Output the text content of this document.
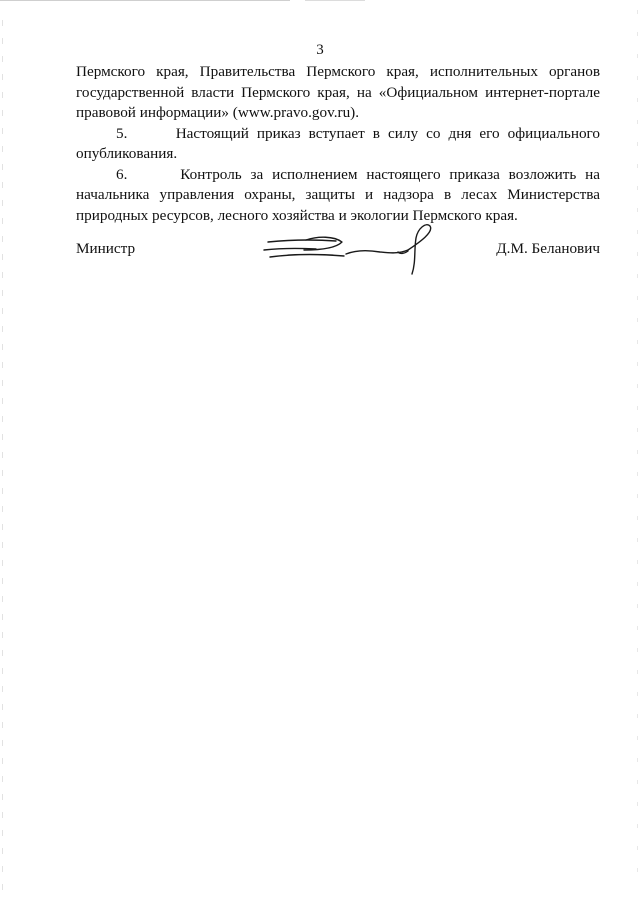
3

Пермского края, Правительства Пермского края, исполнительных органов государственной власти Пермского края, на «Официальном интернет-портале правовой информации» (www.pravo.gov.ru).

5.      Настоящий приказ вступает в силу со дня его официального опубликования.

6.      Контроль за исполнением настоящего приказа возложить на начальника управления охраны, защиты и надзора в лесах Министерства природных ресурсов, лесного хозяйства и экологии Пермского края.

Министр	Д.М. Беланович
